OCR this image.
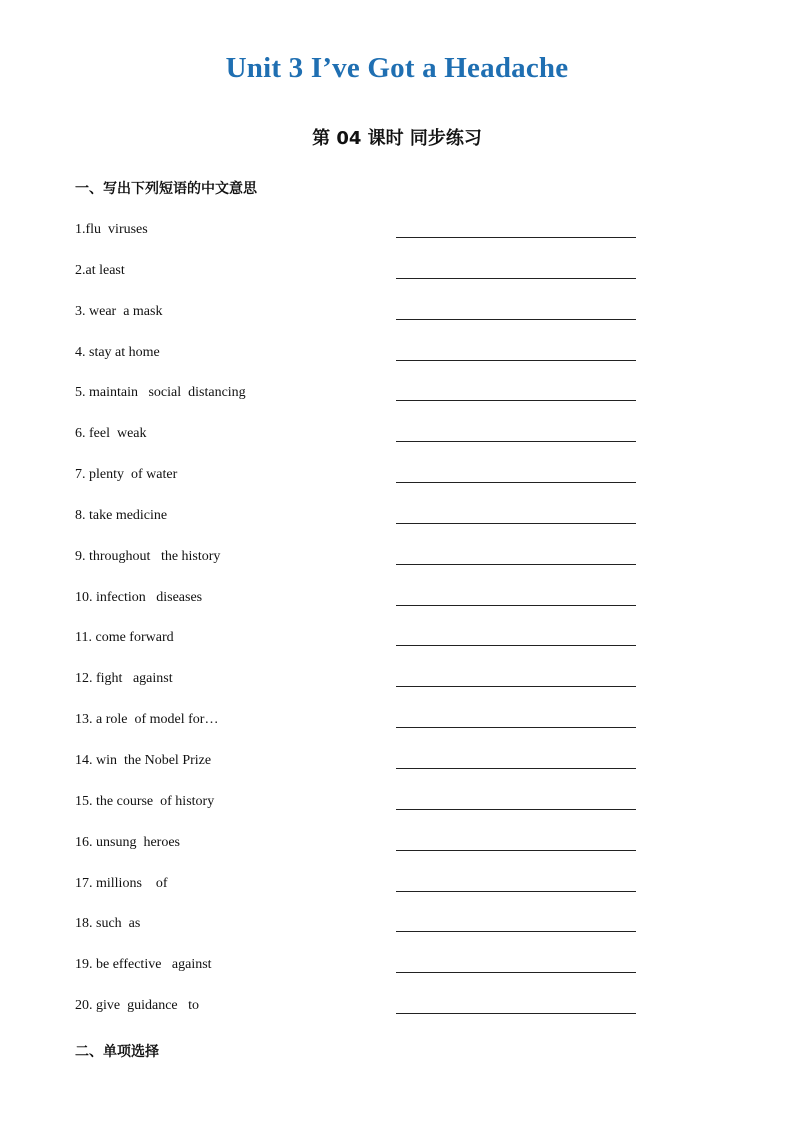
Unit 3 I’ve Got a Headache
第 04 课时 同步练习
一、写出下列短语的中文意思
1.flu  viruses
2.at least
3. wear  a mask
4. stay at home
5. maintain   social  distancing
6. feel  weak
7. plenty  of water
8. take medicine
9. throughout   the history
10. infection   diseases
11. come forward
12. fight   against
13. a role  of model for…
14. win  the Nobel Prize
15. the course  of history
16. unsung  heroes
17. millions    of
18. such  as
19. be effective   against
20. give  guidance   to
二、单项选择
